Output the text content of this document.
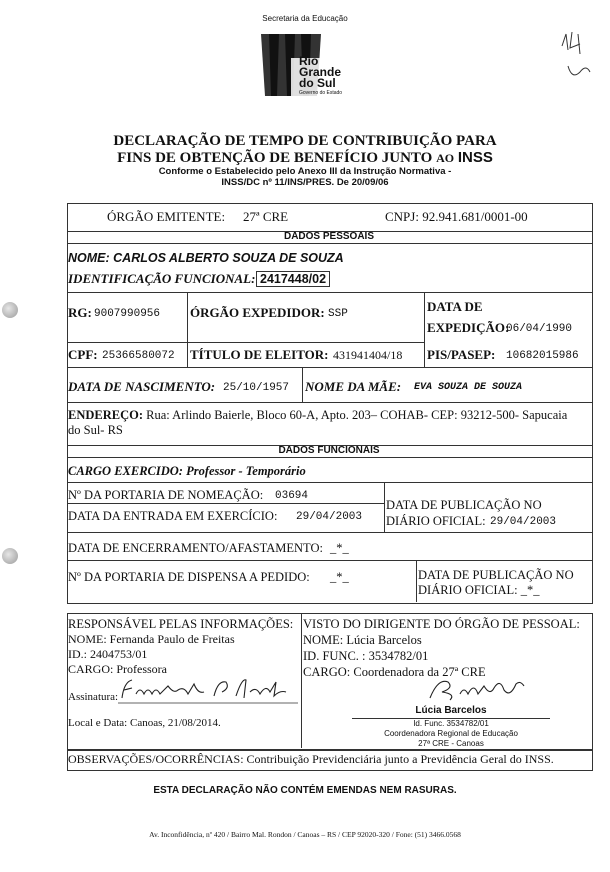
Secretaria da Educação
Rio
Grande
do Sul
Governo do Estado
DECLARAÇÃO DE TEMPO DE CONTRIBUIÇÃO PARA
FINS DE OBTENÇÃO DE BENEFÍCIO JUNTO AO INSS
Conforme o Estabelecido pelo Anexo III da Instrução Normativa -
INSS/DC nº 11/INS/PRES. De 20/09/06
ÓRGÃO EMITENTE: 27ª CRE	CNPJ: 92.941.681/0001-00
DADOS PESSOAIS
NOME: CARLOS ALBERTO SOUZA DE SOUZA
IDENTIFICAÇÃO FUNCIONAL: 2417448/02
RG: 9007990956 ÓRGÃO EXPEDIDOR: SSP	DATA DE
EXPEDIÇÃO:
06/04/1990
CPF: 25366580072 TÍTULO DE ELEITOR: 431941404/18 PIS/PASEP: 10682015986
DATA DE NASCIMENTO: 25/10/1957 NOME DA MÃE: EVA SOUZA DE SOUZA
ENDEREÇO: Rua: Arlindo Baierle, Bloco 60-A, Apto. 203– COHAB- CEP: 93212-500- Sapucaia
do Sul- RS
DADOS FUNCIONAIS
CARGO EXERCIDO: Professor - Temporário
Nº DA PORTARIA DE NOMEAÇÃO: 03694
DATA DA ENTRADA EM EXERCÍCIO: 29/04/2003
DATA DE PUBLICAÇÃO NO
DIÁRIO OFICIAL: 29/04/2003
DATA DE ENCERRAMENTO/AFASTAMENTO: _*_
Nº DA PORTARIA DE DISPENSA A PEDIDO: _*_	DATA DE PUBLICAÇÃO NO
DIÁRIO OFICIAL: _*_
RESPONSÁVEL PELAS INFORMAÇÕES:
NOME: Fernanda Paulo de Freitas
ID.: 2404753/01
CARGO: Professora
Assinatura:
Local e Data: Canoas, 21/08/2014.
VISTO DO DIRIGENTE DO ÓRGÃO DE PESSOAL:
NOME: Lúcia Barcelos
ID. FUNC. : 3534782/01
CARGO: Coordenadora da 27ª CRE
Lúcia Barcelos
Id. Func. 3534782/01
Coordenadora Regional de Educação
27ª CRE - Canoas
OBSERVAÇÕES/OCORRÊNCIAS: Contribuição Previdenciária junto a Previdência Geral do INSS.
ESTA DECLARAÇÃO NÃO CONTÉM EMENDAS NEM RASURAS.
Av. Inconfidência, nº 420 / Bairro Mal. Rondon / Canoas – RS / CEP 92020-320 / Fone: (51) 3466.0568
